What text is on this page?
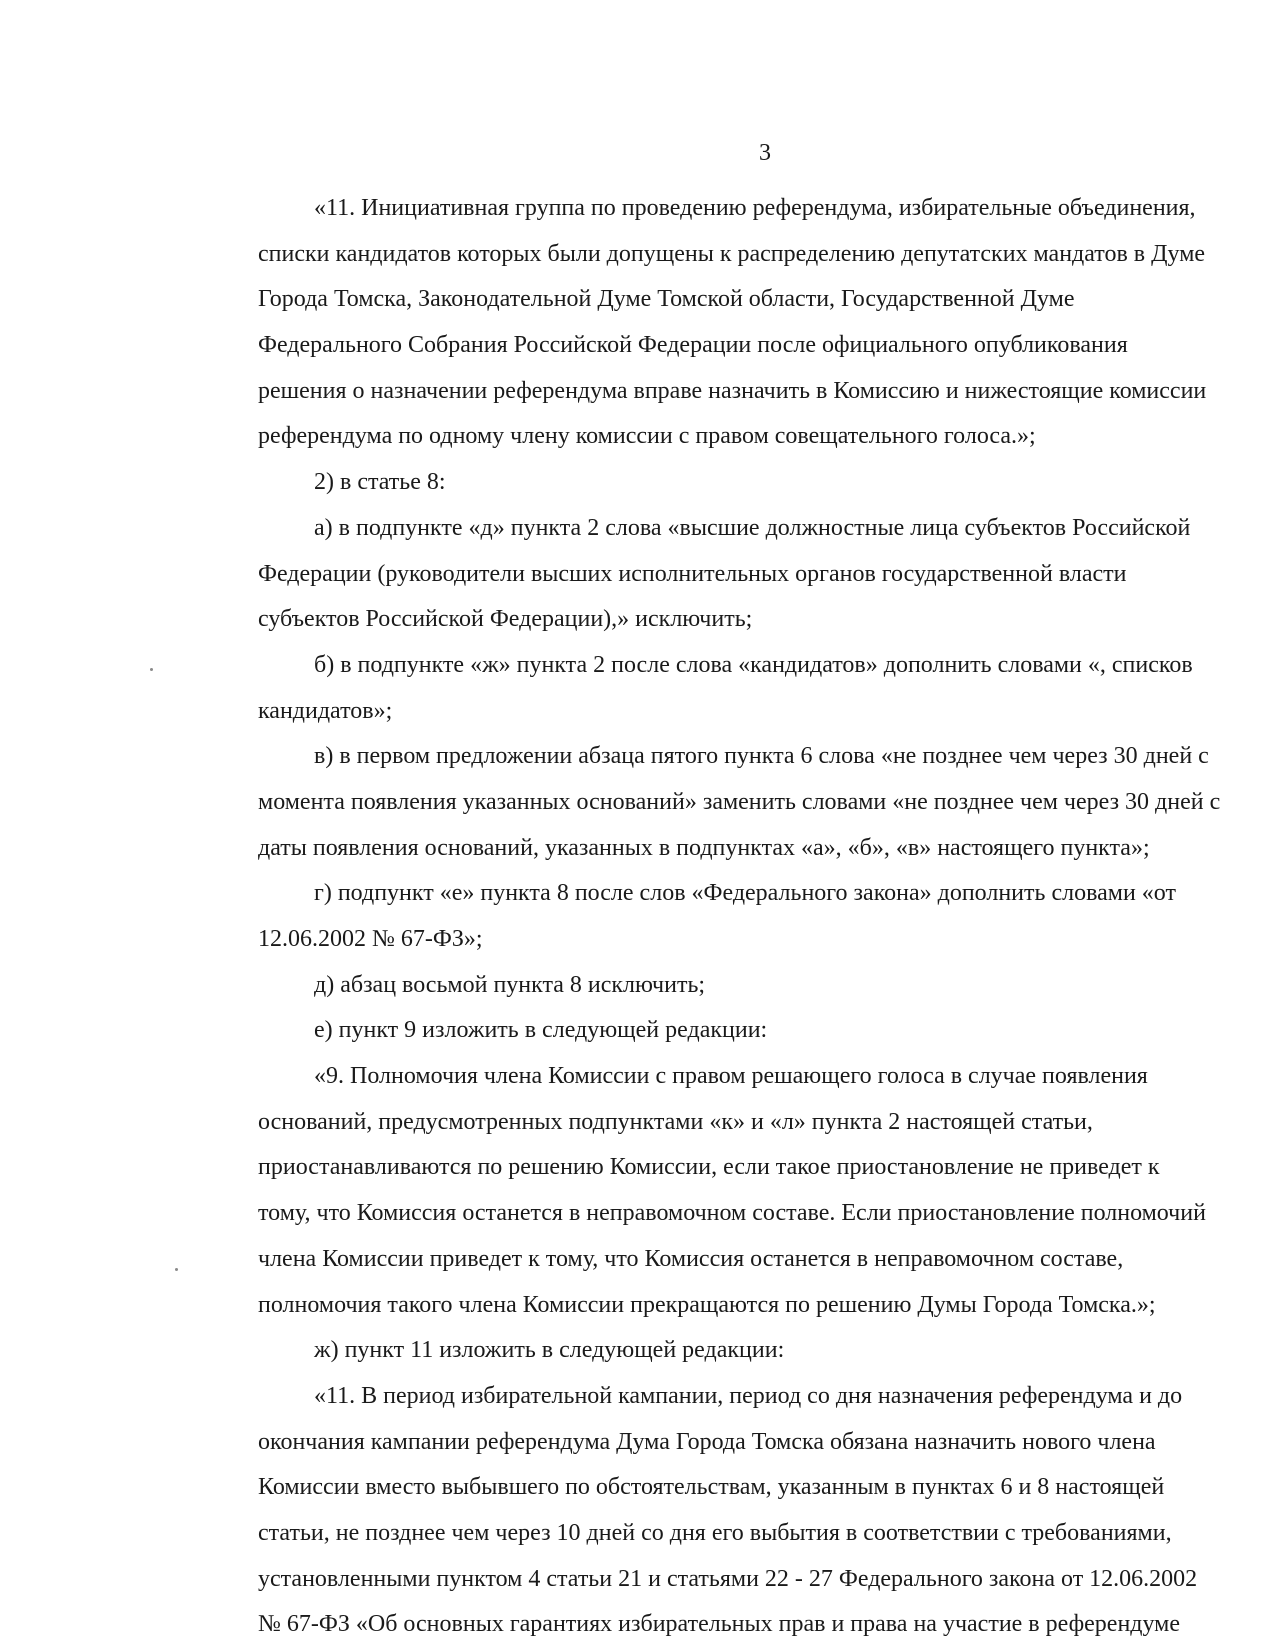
3
«11. Инициативная группа по проведению референдума, избирательные объединения,
списки кандидатов которых были допущены к распределению депутатских мандатов в Думе
Города Томска, Законодательной Думе Томской области, Государственной Думе
Федерального Собрания Российской Федерации после официального опубликования
решения о назначении референдума вправе назначить в Комиссию и нижестоящие комиссии
референдума по одному члену комиссии с правом совещательного голоса.»;
2) в статье 8:
а) в подпункте «д» пункта 2 слова «высшие должностные лица субъектов Российской
Федерации (руководители высших исполнительных органов государственной власти
субъектов Российской Федерации),» исключить;
б) в подпункте «ж» пункта 2 после слова «кандидатов» дополнить словами «, списков
кандидатов»;
в) в первом предложении абзаца пятого пункта 6 слова «не позднее чем через 30 дней с
момента появления указанных оснований» заменить словами «не позднее чем через 30 дней с
даты появления оснований, указанных в подпунктах «а», «б», «в» настоящего пункта»;
г) подпункт «е» пункта 8 после слов «Федерального закона» дополнить словами «от
12.06.2002 № 67-ФЗ»;
д) абзац восьмой пункта 8 исключить;
е) пункт 9 изложить в следующей редакции:
«9. Полномочия члена Комиссии с правом решающего голоса в случае появления
оснований, предусмотренных подпунктами «к» и «л» пункта 2 настоящей статьи,
приостанавливаются по решению Комиссии, если такое приостановление не приведет к
тому, что Комиссия останется в неправомочном составе. Если приостановление полномочий
члена Комиссии приведет к тому, что Комиссия останется в неправомочном составе,
полномочия такого члена Комиссии прекращаются по решению Думы Города Томска.»;
ж) пункт 11 изложить в следующей редакции:
«11. В период избирательной кампании, период со дня назначения референдума и до
окончания кампании референдума Дума Города Томска обязана назначить нового члена
Комиссии вместо выбывшего по обстоятельствам, указанным в пунктах 6 и 8 настоящей
статьи, не позднее чем через 10 дней со дня его выбытия в соответствии с требованиями,
установленными пунктом 4 статьи 21 и статьями 22 - 27 Федерального закона от 12.06.2002
№ 67-ФЗ «Об основных гарантиях избирательных прав и права на участие в референдуме
